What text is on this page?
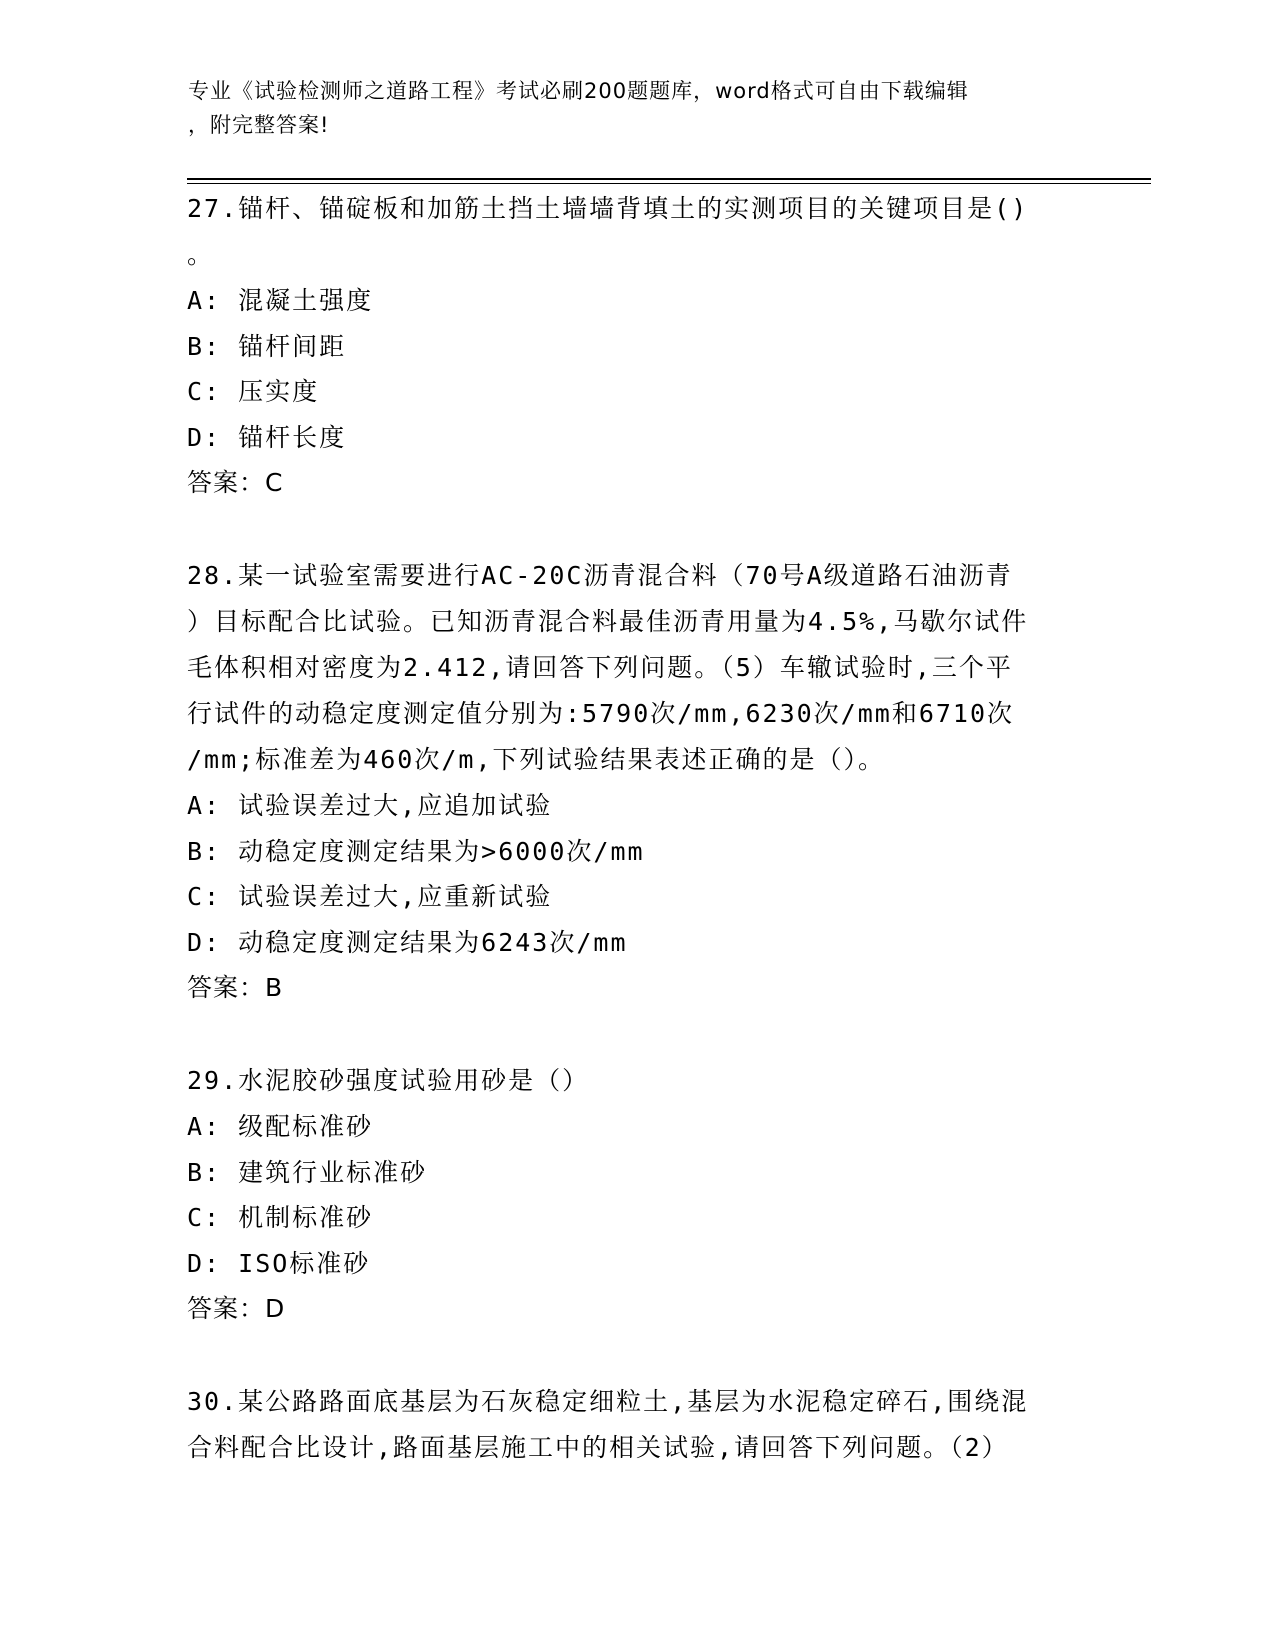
专业《试验检测师之道路工程》考试必刷200题题库，word格式可自由下载编辑
，附完整答案!
27.锚杆、锚碇板和加筋土挡土墙墙背填土的实测项目的关键项目是()
。
A: 混凝土强度
B: 锚杆间距
C: 压实度
D: 锚杆长度
答案：C
28.某一试验室需要进行AC-20C沥青混合料（70号A级道路石油沥青
）目标配合比试验。已知沥青混合料最佳沥青用量为4.5%,马歇尔试件
毛体积相对密度为2.412,请回答下列问题。（5）车辙试验时,三个平
行试件的动稳定度测定值分别为:5790次/mm,6230次/mm和6710次
/mm;标准差为460次/m,下列试验结果表述正确的是（）。
A: 试验误差过大,应追加试验
B: 动稳定度测定结果为>6000次/mm
C: 试验误差过大,应重新试验
D: 动稳定度测定结果为6243次/mm
答案：B
29.水泥胶砂强度试验用砂是（）
A: 级配标准砂
B: 建筑行业标准砂
C: 机制标准砂
D: ISO标准砂
答案：D
30.某公路路面底基层为石灰稳定细粒土,基层为水泥稳定碎石,围绕混
合料配合比设计,路面基层施工中的相关试验,请回答下列问题。（2）
